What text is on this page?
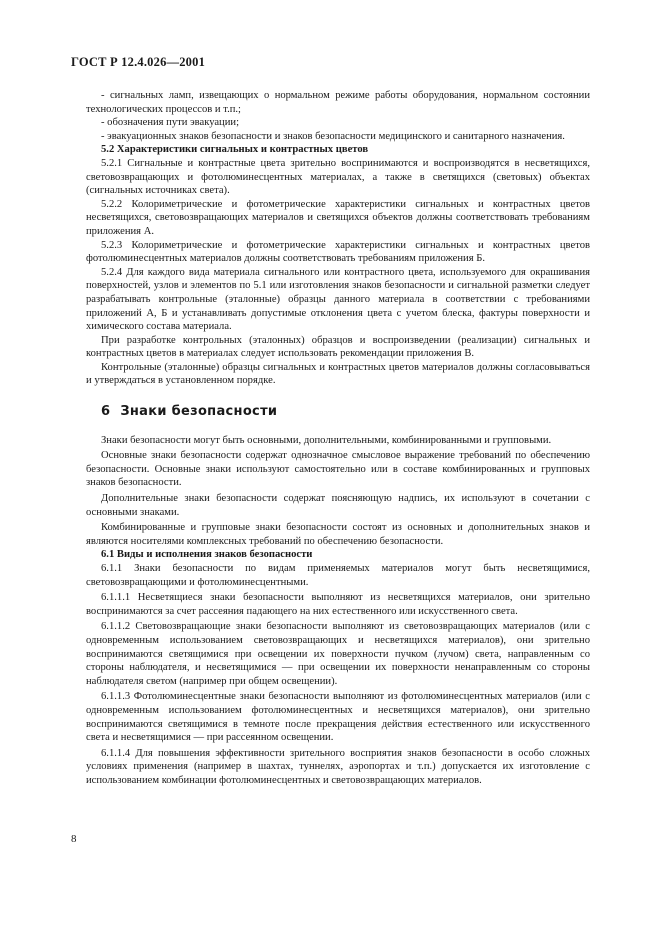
ГОСТ Р 12.4.026—2001

- сигнальных ламп, извещающих о нормальном режиме работы оборудования, нормальном состоянии технологических процессов и т.п.;

- обозначения пути эвакуации;

- эвакуационных знаков безопасности и знаков безопасности медицинского и санитарного назначения.

5.2 Характеристики сигнальных и контрастных цветов

5.2.1 Сигнальные и контрастные цвета зрительно воспринимаются и воспроизводятся в несветящихся, световозвращающих и фотолюминесцентных материалах, а также в светящихся (световых) объектах (сигнальных источниках света).

5.2.2 Колориметрические и фотометрические характеристики сигнальных и контрастных цветов несветящихся, световозвращающих материалов и светящихся объектов должны соответствовать требованиям приложения А.

5.2.3 Колориметрические и фотометрические характеристики сигнальных и контрастных цветов фотолюминесцентных материалов должны соответствовать требованиям приложения Б.

5.2.4 Для каждого вида материала сигнального или контрастного цвета, используемого для окрашивания поверхностей, узлов и элементов по 5.1 или изготовления знаков безопасности и сигнальной разметки следует разрабатывать контрольные (эталонные) образцы данного материала в соответствии с требованиями приложений А, Б и устанавливать допустимые отклонения цвета с учетом блеска, фактуры поверхности и химического состава материала.

При разработке контрольных (эталонных) образцов и воспроизведении (реализации) сигнальных и контрастных цветов в материалах следует использовать рекомендации приложения В.

Контрольные (эталонные) образцы сигнальных и контрастных цветов материалов должны согласовываться и утверждаться в установленном порядке.

6 Знаки безопасности

Знаки безопасности могут быть основными, дополнительными, комбинированными и групповыми.

Основные знаки безопасности содержат однозначное смысловое выражение требований по обеспечению безопасности. Основные знаки используют самостоятельно или в составе комбинированных и групповых знаков безопасности.

Дополнительные знаки безопасности содержат поясняющую надпись, их используют в сочетании с основными знаками.

Комбинированные и групповые знаки безопасности состоят из основных и дополнительных знаков и являются носителями комплексных требований по обеспечению безопасности.

6.1 Виды и исполнения знаков безопасности

6.1.1 Знаки безопасности по видам применяемых материалов могут быть несветящимися, световозвращающими и фотолюминесцентными.

6.1.1.1 Несветящиеся знаки безопасности выполняют из несветящихся материалов, они зрительно воспринимаются за счет рассеяния падающего на них естественного или искусственного света.

6.1.1.2 Световозвращающие знаки безопасности выполняют из световозвращающих материалов (или с одновременным использованием световозвращающих и несветящихся материалов), они зрительно воспринимаются светящимися при освещении их поверхности пучком (лучом) света, направленным со стороны наблюдателя, и несветящимися — при освещении их поверхности ненаправленным со стороны наблюдателя светом (например при общем освещении).

6.1.1.3 Фотолюминесцентные знаки безопасности выполняют из фотолюминесцентных материалов (или с одновременным использованием фотолюминесцентных и несветящихся материалов), они зрительно воспринимаются светящимися в темноте после прекращения действия естественного или искусственного света и несветящимися — при рассеянном освещении.

6.1.1.4 Для повышения эффективности зрительного восприятия знаков безопасности в особо сложных условиях применения (например в шахтах, туннелях, аэропортах и т.п.) допускается их изготовление с использованием комбинации фотолюминесцентных и световозвращающих материалов.

8
